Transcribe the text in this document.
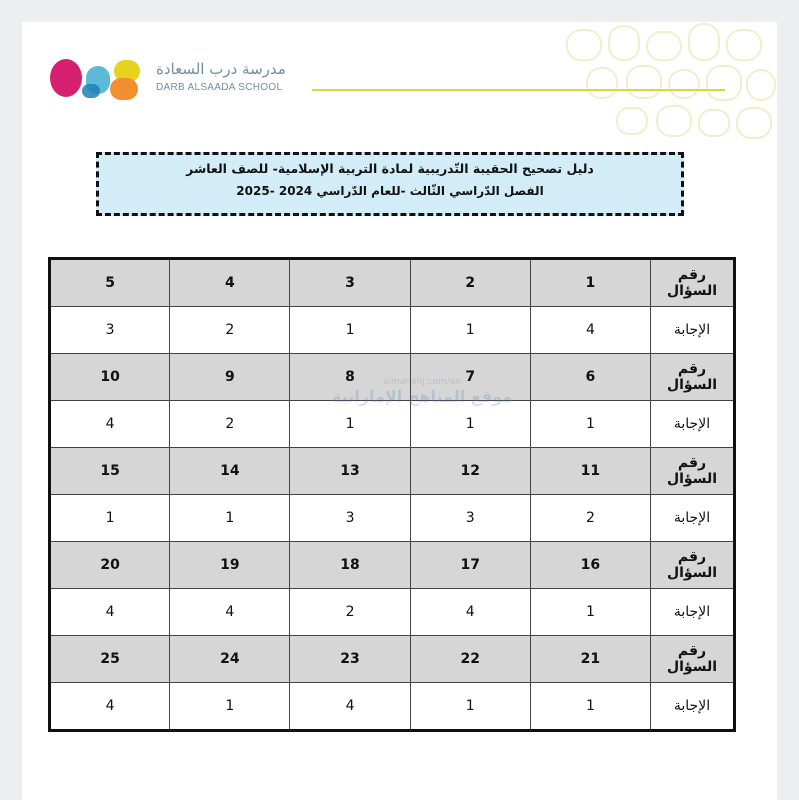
مدرسة درب السعادة
DARB ALSAADA SCHOOL
دليل تصحيح الحقيبة التّدريبية لمادة التربية الإسلامية- للصف العاشر
الفصل الدّراسي الثّالث -للعام الدّراسي 2024 -2025
رقم السؤال	1	2	3	4	5
الإجابة	4	1	1	2	3
رقم السؤال	6	7	8	9	10
الإجابة	1	1	1	2	4
رقم السؤال	11	12	13	14	15
الإجابة	2	3	3	1	1
رقم السؤال	16	17	18	19	20
الإجابة	1	4	2	4	4
رقم السؤال	21	22	23	24	25
الإجابة	1	1	4	1	4
almanahj.com/ae
موقع المناهج الإماراتية
